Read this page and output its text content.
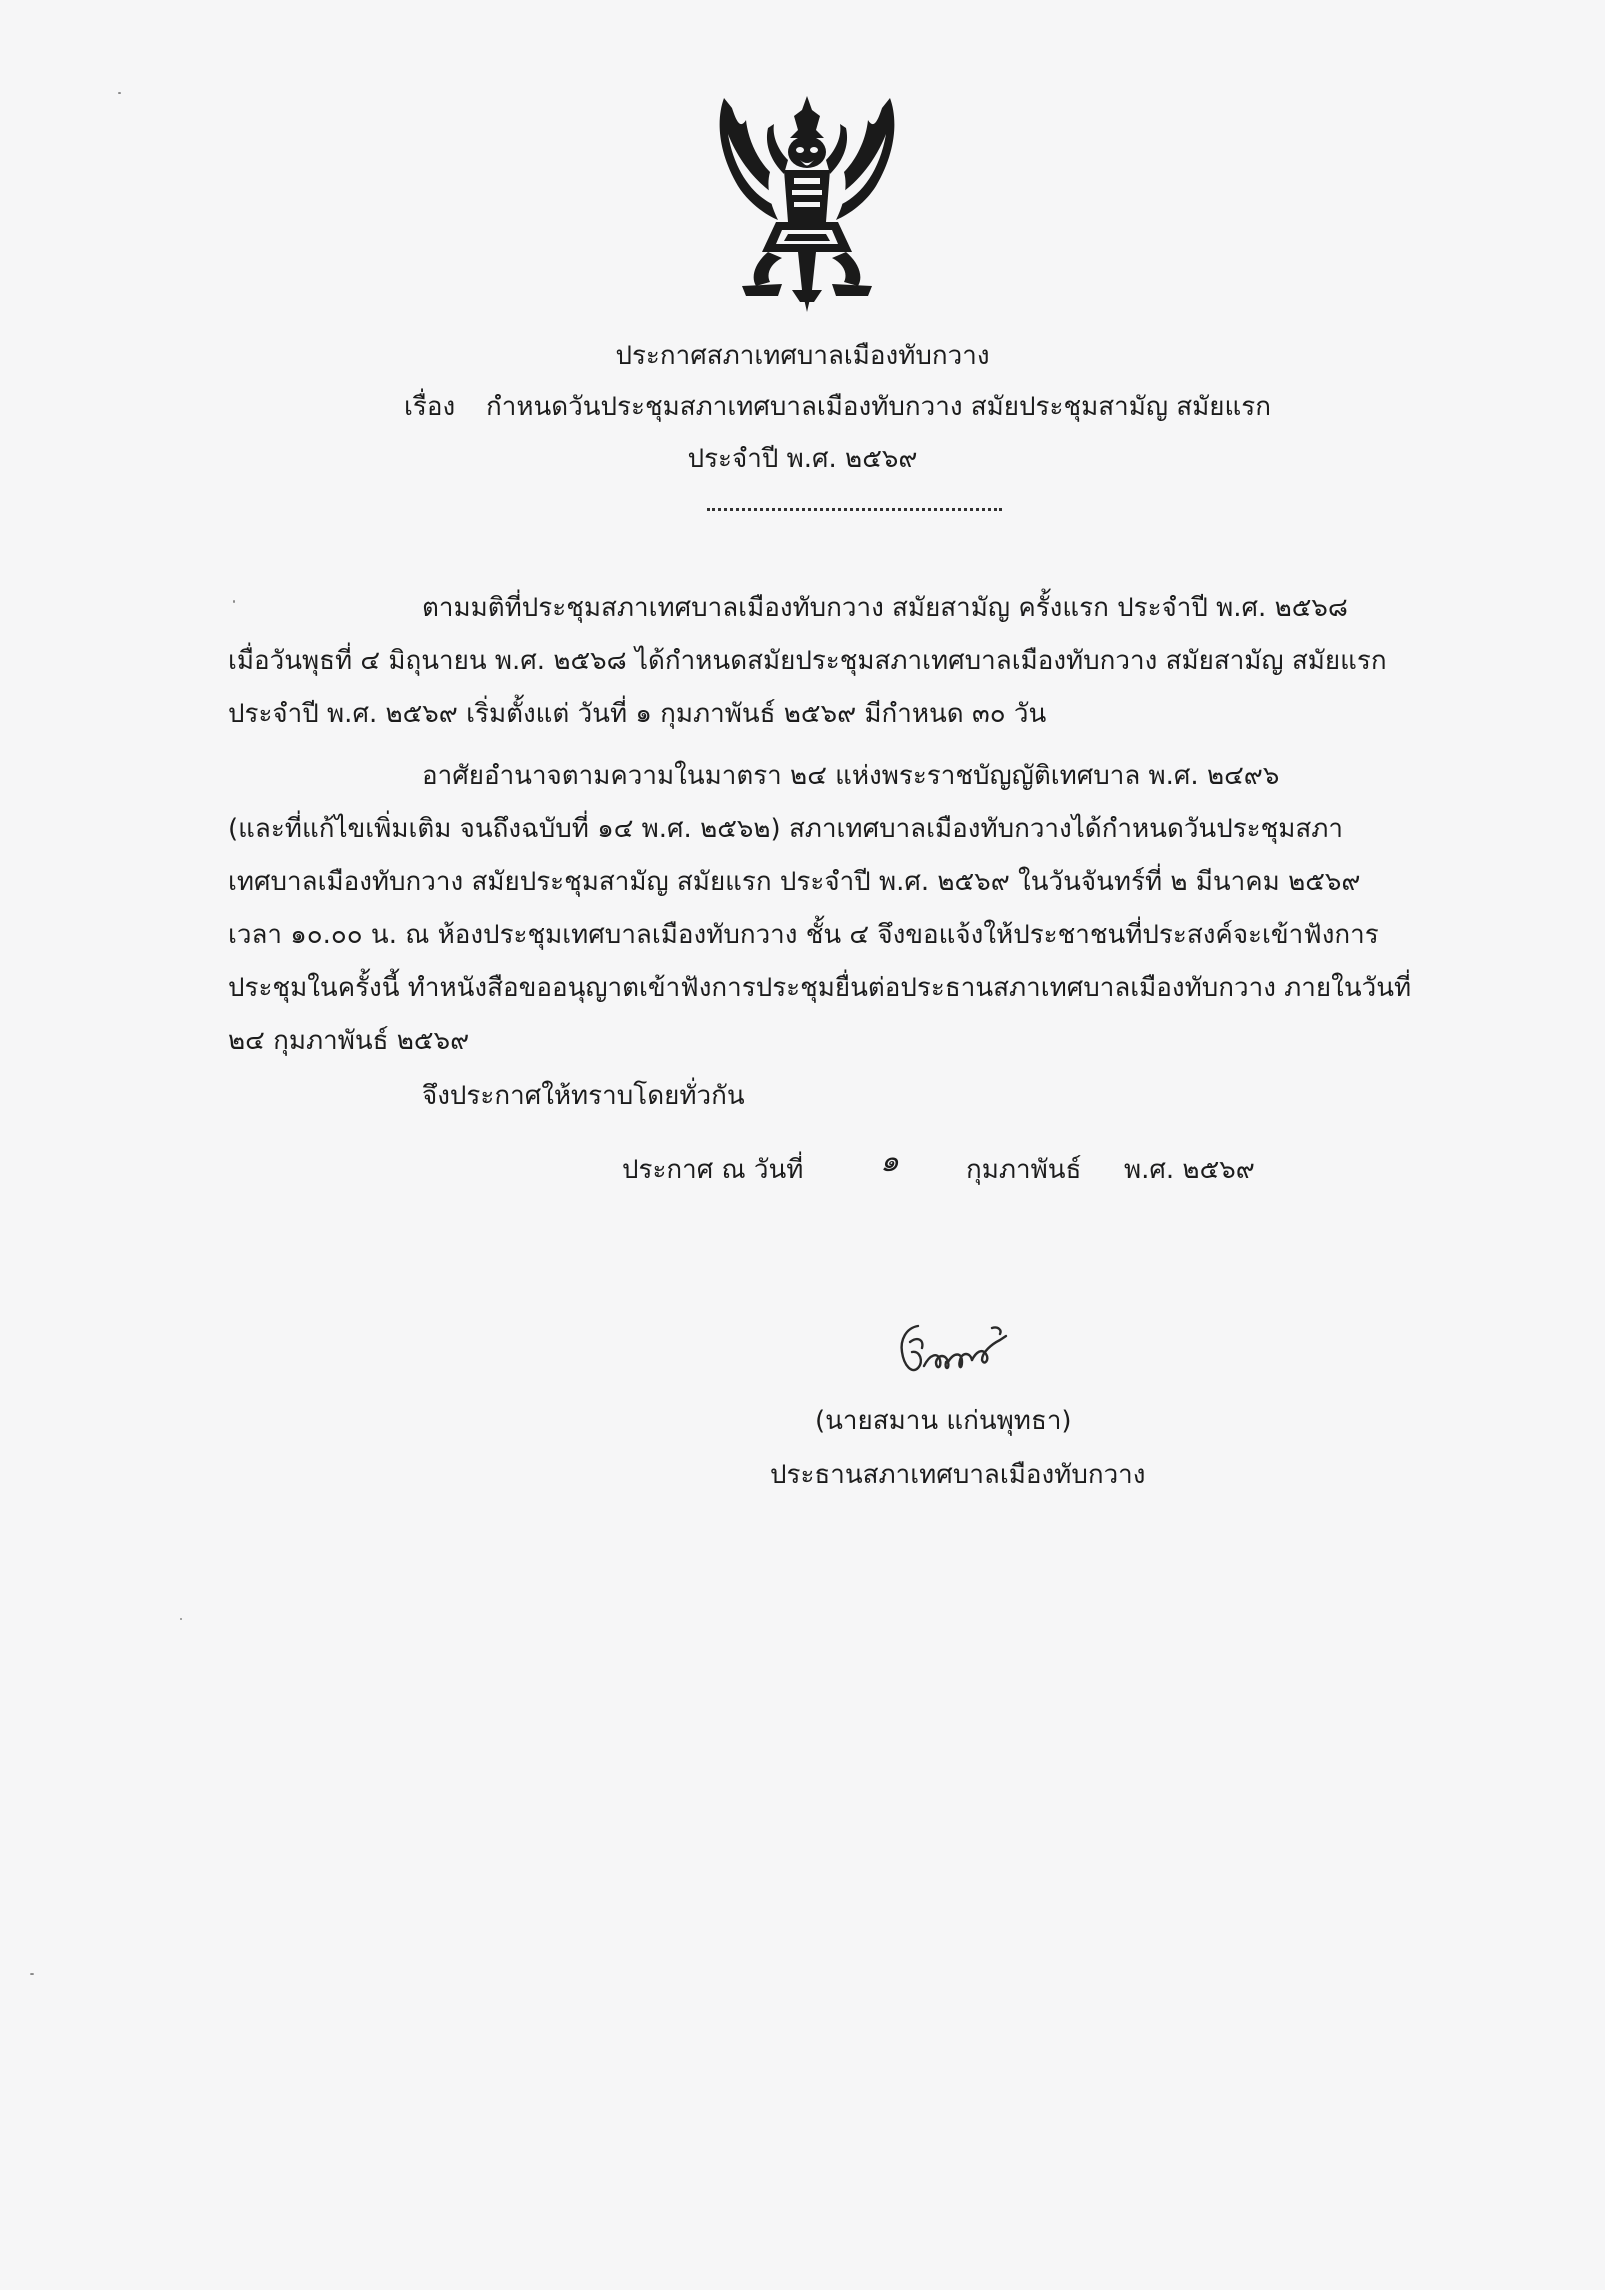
ประกาศสภาเทศบาลเมืองทับกวาง
เรื่อง กำหนดวันประชุมสภาเทศบาลเมืองทับกวาง สมัยประชุมสามัญ สมัยแรก
ประจำปี พ.ศ. ๒๕๖๙
ตามมติที่ประชุมสภาเทศบาลเมืองทับกวาง สมัยสามัญ ครั้งแรก ประจำปี พ.ศ. ๒๕๖๘
เมื่อวันพุธที่ ๔ มิถุนายน พ.ศ. ๒๕๖๘ ได้กำหนดสมัยประชุมสภาเทศบาลเมืองทับกวาง สมัยสามัญ สมัยแรก
ประจำปี พ.ศ. ๒๕๖๙ เริ่มตั้งแต่ วันที่ ๑ กุมภาพันธ์ ๒๕๖๙ มีกำหนด ๓๐ วัน
อาศัยอำนาจตามความในมาตรา ๒๔ แห่งพระราชบัญญัติเทศบาล พ.ศ. ๒๔๙๖
(และที่แก้ไขเพิ่มเติม จนถึงฉบับที่ ๑๔ พ.ศ. ๒๕๖๒) สภาเทศบาลเมืองทับกวางได้กำหนดวันประชุมสภา
เทศบาลเมืองทับกวาง สมัยประชุมสามัญ สมัยแรก ประจำปี พ.ศ. ๒๕๖๙ ในวันจันทร์ที่ ๒ มีนาคม ๒๕๖๙
เวลา ๑๐.๐๐ น. ณ ห้องประชุมเทศบาลเมืองทับกวาง ชั้น ๔ จึงขอแจ้งให้ประชาชนที่ประสงค์จะเข้าฟังการ
ประชุมในครั้งนี้ ทำหนังสือขออนุญาตเข้าฟังการประชุมยื่นต่อประธานสภาเทศบาลเมืองทับกวาง ภายในวันที่
๒๔ กุมภาพันธ์ ๒๕๖๙
จึงประกาศให้ทราบโดยทั่วกัน
ประกาศ ณ วันที่	๑	กุมภาพันธ์ พ.ศ. ๒๕๖๙
(นายสมาน แก่นพุทธา)
ประธานสภาเทศบาลเมืองทับกวาง
